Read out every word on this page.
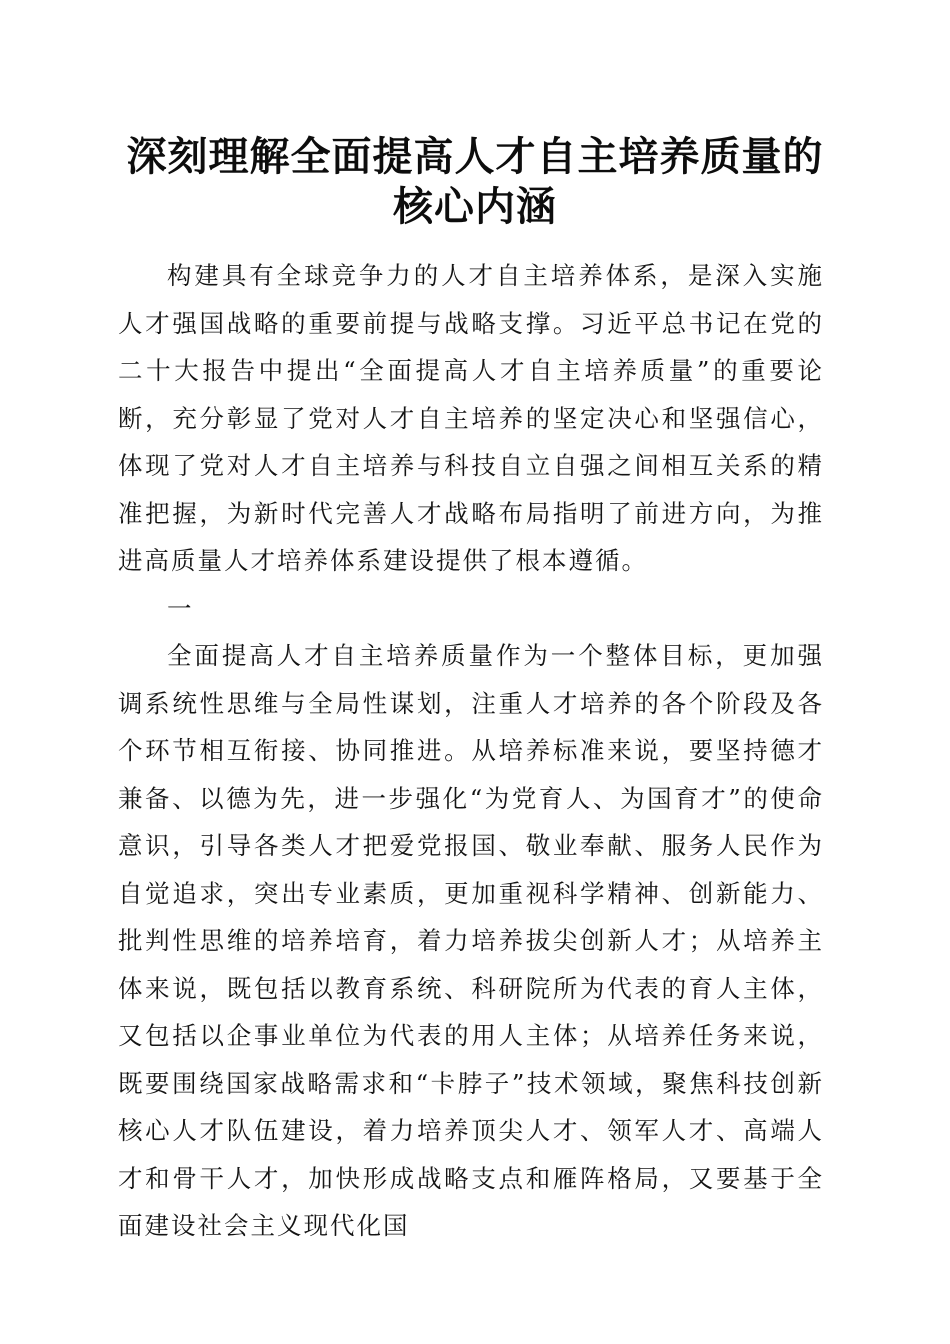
深刻理解全面提高人才自主培养质量的核心内涵

构建具有全球竞争力的人才自主培养体系，是深入实施人才强国战略的重要前提与战略支撑。习近平总书记在党的二十大报告中提出“全面提高人才自主培养质量”的重要论断，充分彰显了党对人才自主培养的坚定决心和坚强信心，体现了党对人才自主培养与科技自立自强之间相互关系的精准把握，为新时代完善人才战略布局指明了前进方向，为推进高质量人才培养体系建设提供了根本遵循。

一

全面提高人才自主培养质量作为一个整体目标，更加强调系统性思维与全局性谋划，注重人才培养的各个阶段及各个环节相互衔接、协同推进。从培养标准来说，要坚持德才兼备、以德为先，进一步强化“为党育人、为国育才”的使命意识，引导各类人才把爱党报国、敬业奉献、服务人民作为自觉追求，突出专业素质，更加重视科学精神、创新能力、批判性思维的培养培育，着力培养拔尖创新人才；从培养主体来说，既包括以教育系统、科研院所为代表的育人主体，又包括以企事业单位为代表的用人主体；从培养任务来说，既要围绕国家战略需求和“卡脖子”技术领域，聚焦科技创新核心人才队伍建设，着力培养顶尖人才、领军人才、高端人才和骨干人才，加快形成战略支点和雁阵格局，又要基于全面建设社会主义现代化国
